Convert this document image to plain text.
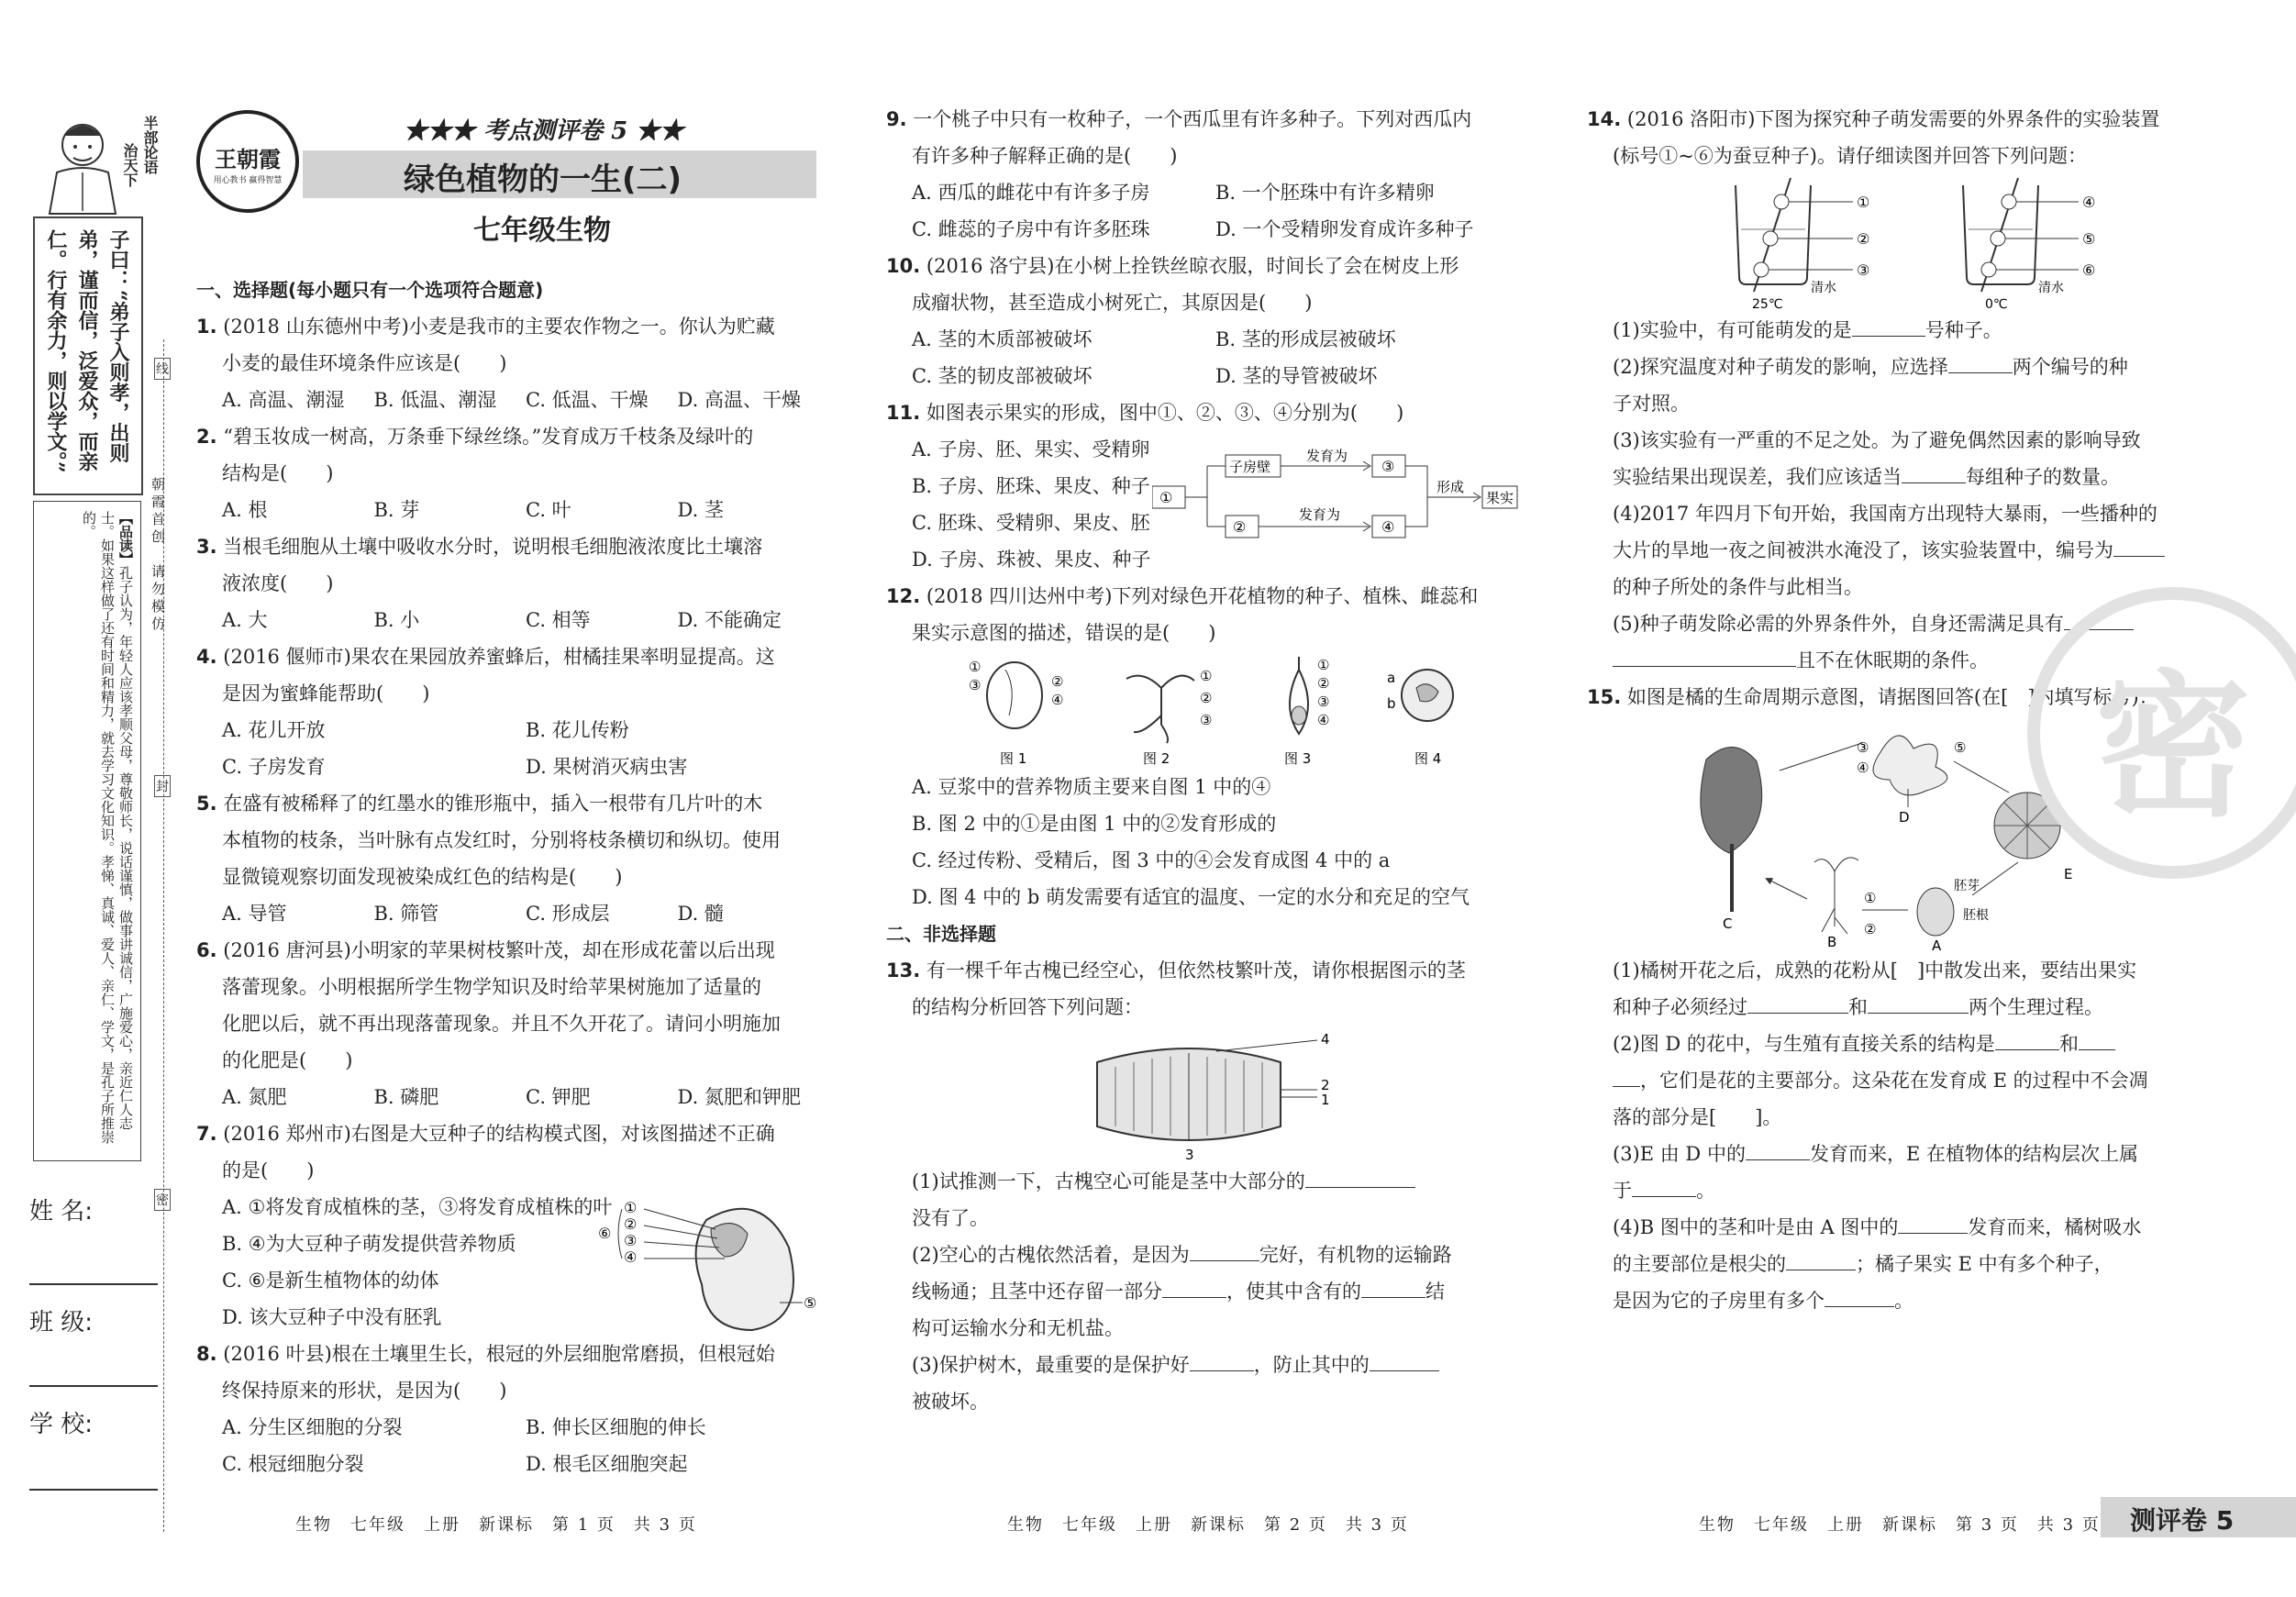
半部论语
治天下
子曰：“弟子入则孝，出则弟，谨而信，泛爱众，而亲仁。行有余力，则以学文。”
【品读】孔子认为，年轻人应该孝顺父母，尊敬师长，说话谨慎，做事讲诚信，广施爱心，亲近仁人志士。如果这样做了还有时间和精力，就去学习文化知识。孝悌、真诚、爱人、亲仁、学文，是孔子所推崇的。	朝霞首创　请勿模仿
线
封
密
姓 名:
班 级:
学 校:
王朝霞
用心教书 赢得智慧
★★★ 考点测评卷 5 ★★
绿色植物的一生(二)
七年级生物
一、选择题(每小题只有一个选项符合题意)
1. (2018 山东德州中考)小麦是我市的主要农作物之一。你认为贮藏
小麦的最佳环境条件应该是(　　)
A. 高温、潮湿	B. 低温、潮湿	C. 低温、干燥	D. 高温、干燥
2. “碧玉妆成一树高，万条垂下绿丝绦。”发育成万千枝条及绿叶的
结构是(　　)
A. 根	B. 芽	C. 叶	D. 茎
3. 当根毛细胞从土壤中吸收水分时，说明根毛细胞液浓度比土壤溶
液浓度(　　)
A. 大	B. 小	C. 相等	D. 不能确定
4. (2016 偃师市)果农在果园放养蜜蜂后，柑橘挂果率明显提高。这
是因为蜜蜂能帮助(　　)
A. 花儿开放	B. 花儿传粉
C. 子房发育	D. 果树消灭病虫害
5. 在盛有被稀释了的红墨水的锥形瓶中，插入一根带有几片叶的木
本植物的枝条，当叶脉有点发红时，分别将枝条横切和纵切。使用
显微镜观察切面发现被染成红色的结构是(　　)
A. 导管	B. 筛管	C. 形成层	D. 髓
6. (2016 唐河县)小明家的苹果树枝繁叶茂，却在形成花蕾以后出现
落蕾现象。小明根据所学生物学知识及时给苹果树施加了适量的
化肥以后，就不再出现落蕾现象。并且不久开花了。请问小明施加
的化肥是(　　)
A. 氮肥	B. 磷肥	C. 钾肥	D. 氮肥和钾肥
7. (2016 郑州市)右图是大豆种子的结构模式图，对该图描述不正确
的是(　　)
A. ①将发育成植株的茎，③将发育成植株的叶
B. ④为大豆种子萌发提供营养物质
C. ⑥是新生植物体的幼体
D. 该大豆种子中没有胚乳
①
②
③
④
⑤
⑥
8. (2016 叶县)根在土壤里生长，根冠的外层细胞常磨损，但根冠始
终保持原来的形状，是因为(　　)
A. 分生区细胞的分裂	B. 伸长区细胞的伸长
C. 根冠细胞分裂	D. 根毛区细胞突起
9. 一个桃子中只有一枚种子，一个西瓜里有许多种子。下列对西瓜内
有许多种子解释正确的是(　　)
A. 西瓜的雌花中有许多子房	B. 一个胚珠中有许多精卵
C. 雌蕊的子房中有许多胚珠	D. 一个受精卵发育成许多种子
10. (2016 洛宁县)在小树上拴铁丝晾衣服，时间长了会在树皮上形
成瘤状物，甚至造成小树死亡，其原因是(　　)
A. 茎的木质部被破坏	B. 茎的形成层被破坏
C. 茎的韧皮部被破坏	D. 茎的导管被破坏
11. 如图表示果实的形成，图中①、②、③、④分别为(　　)
A. 子房、胚、果实、受精卵
B. 子房、胚珠、果皮、种子
C. 胚珠、受精卵、果皮、胚
D. 子房、珠被、果皮、种子
①
子房壁
②
③
④
果实
发育为
发育为
形成
12. (2018 四川达州中考)下列对绿色开花植物的种子、植株、雌蕊和
果实示意图的描述，错误的是(　　)
①
③	②
④
①
②
③
①
②
③
④
a
b
图 1	图 2	图 3	图 4
A. 豆浆中的营养物质主要来自图 1 中的④
B. 图 2 中的①是由图 1 中的②发育形成的
C. 经过传粉、受精后，图 3 中的④会发育成图 4 中的 a
D. 图 4 中的 b 萌发需要有适宜的温度、一定的水分和充足的空气
二、非选择题
13. 有一棵千年古槐已经空心，但依然枝繁叶茂，请你根据图示的茎
的结构分析回答下列问题：
4
2
1
3
(1)试推测一下，古槐空心可能是茎中大部分的
没有了。
(2)空心的古槐依然活着，是因为	完好，有机物的运输路
线畅通；且茎中还存留一部分	，使其中含有的	结
构可运输水分和无机盐。
(3)保护树木，最重要的是保护好	，防止其中的
被破坏。
14. (2016 洛阳市)下图为探究种子萌发需要的外界条件的实验装置
(标号①~⑥为蚕豆种子)。请仔细读图并回答下列问题：
①
②
③
④
⑤
⑥
清水	清水
25℃	0℃
(1)实验中，有可能萌发的是	号种子。
(2)探究温度对种子萌发的影响，应选择	两个编号的种
子对照。
(3)该实验有一严重的不足之处。为了避免偶然因素的影响导致
实验结果出现误差，我们应该适当	每组种子的数量。
(4)2017 年四月下旬开始，我国南方出现特大暴雨，一些播种的
大片的旱地一夜之间被洪水淹没了，该实验装置中，编号为
的种子所处的条件与此相当。
(5)种子萌发除必需的外界条件外，自身还需满足具有
且不在休眠期的条件。
15. 如图是橘的生命周期示意图，请据图回答(在[　]内填写标号)：
C
D
E
A
B
③
④
⑤
①
②
胚芽
胚根
(1)橘树开花之后，成熟的花粉从[　]中散发出来，要结出果实
和种子必须经过	和	两个生理过程。
(2)图 D 的花中，与生殖有直接关系的结构是	和
，它们是花的主要部分。这朵花在发育成 E 的过程中不会凋
落的部分是[　　]。
(3)E 由 D 中的	发育而来，E 在植物体的结构层次上属
于	。
(4)B 图中的茎和叶是由 A 图中的	发育而来，橘树吸水
的主要部位是根尖的	；橘子果实 E 中有多个种子，
是因为它的子房里有多个	。
密
生物　七年级　上册　新课标　第 1 页　共 3 页	生物　七年级　上册　新课标　第 2 页　共 3 页	生物　七年级　上册　新课标　第 3 页　共 3 页 测评卷 5
